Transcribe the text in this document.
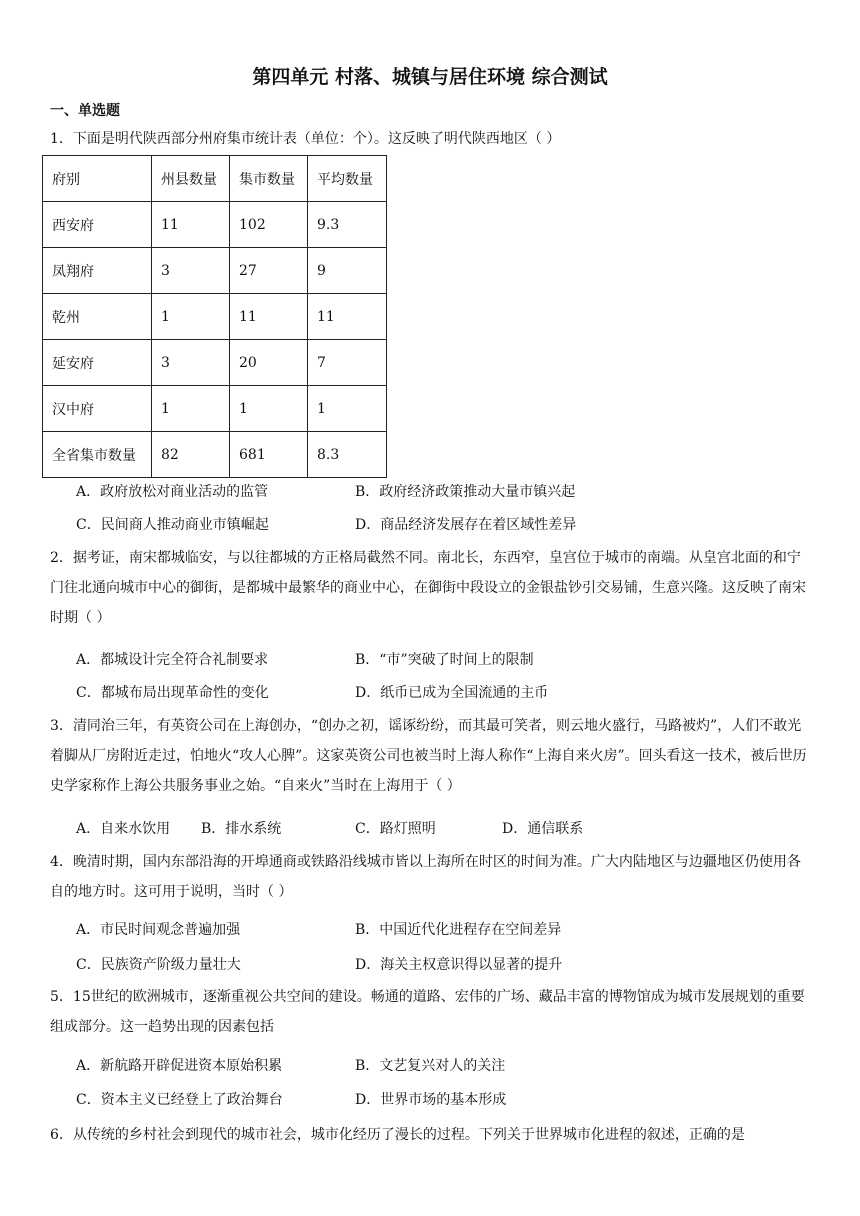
第四单元 村落、城镇与居住环境 综合测试
一、单选题
1．下面是明代陕西部分州府集市统计表（单位：个）。这反映了明代陕西地区（ ）
府别	州县数量	集市数量	平均数量
西安府	11	102	9.3
凤翔府	3	27	9
乾州	1	11	11
延安府	3	20	7
汉中府	1	1	1
全省集市数量	82	681	8.3
A．政府放松对商业活动的监管	B．政府经济政策推动大量市镇兴起
C．民间商人推动商业市镇崛起	D．商品经济发展存在着区域性差异
2．据考证，南宋都城临安，与以往都城的方正格局截然不同。南北长，东西窄，皇宫位于城市的南端。从皇宫北面的和宁门往北通向城市中心的御街，是都城中最繁华的商业中心，在御街中段设立的金银盐钞引交易铺，生意兴隆。这反映了南宋时期（ ）
A．都城设计完全符合礼制要求	B．“市”突破了时间上的限制
C．都城布局出现革命性的变化	D．纸币已成为全国流通的主币
3．清同治三年，有英资公司在上海创办，“创办之初，谣诼纷纷，而其最可笑者，则云地火盛行，马路被灼”，人们不敢光着脚从厂房附近走过，怕地火“攻人心脾”。这家英资公司也被当时上海人称作“上海自来火房”。回头看这一技术，被后世历史学家称作上海公共服务事业之始。“自来火”当时在上海用于（ ）
A．自来水饮用 B．排水系统	C．路灯照明	D．通信联系
4．晚清时期，国内东部沿海的开埠通商或铁路沿线城市皆以上海所在时区的时间为准。广大内陆地区与边疆地区仍使用各自的地方时。这可用于说明，当时（ ）
A．市民时间观念普遍加强	B．中国近代化进程存在空间差异
C．民族资产阶级力量壮大	D．海关主权意识得以显著的提升
5．15世纪的欧洲城市，逐渐重视公共空间的建设。畅通的道路、宏伟的广场、藏品丰富的博物馆成为城市发展规划的重要组成部分。这一趋势出现的因素包括
A．新航路开辟促进资本原始积累	B．文艺复兴对人的关注
C．资本主义已经登上了政治舞台	D．世界市场的基本形成
6．从传统的乡村社会到现代的城市社会，城市化经历了漫长的过程。下列关于世界城市化进程的叙述，正确的是
